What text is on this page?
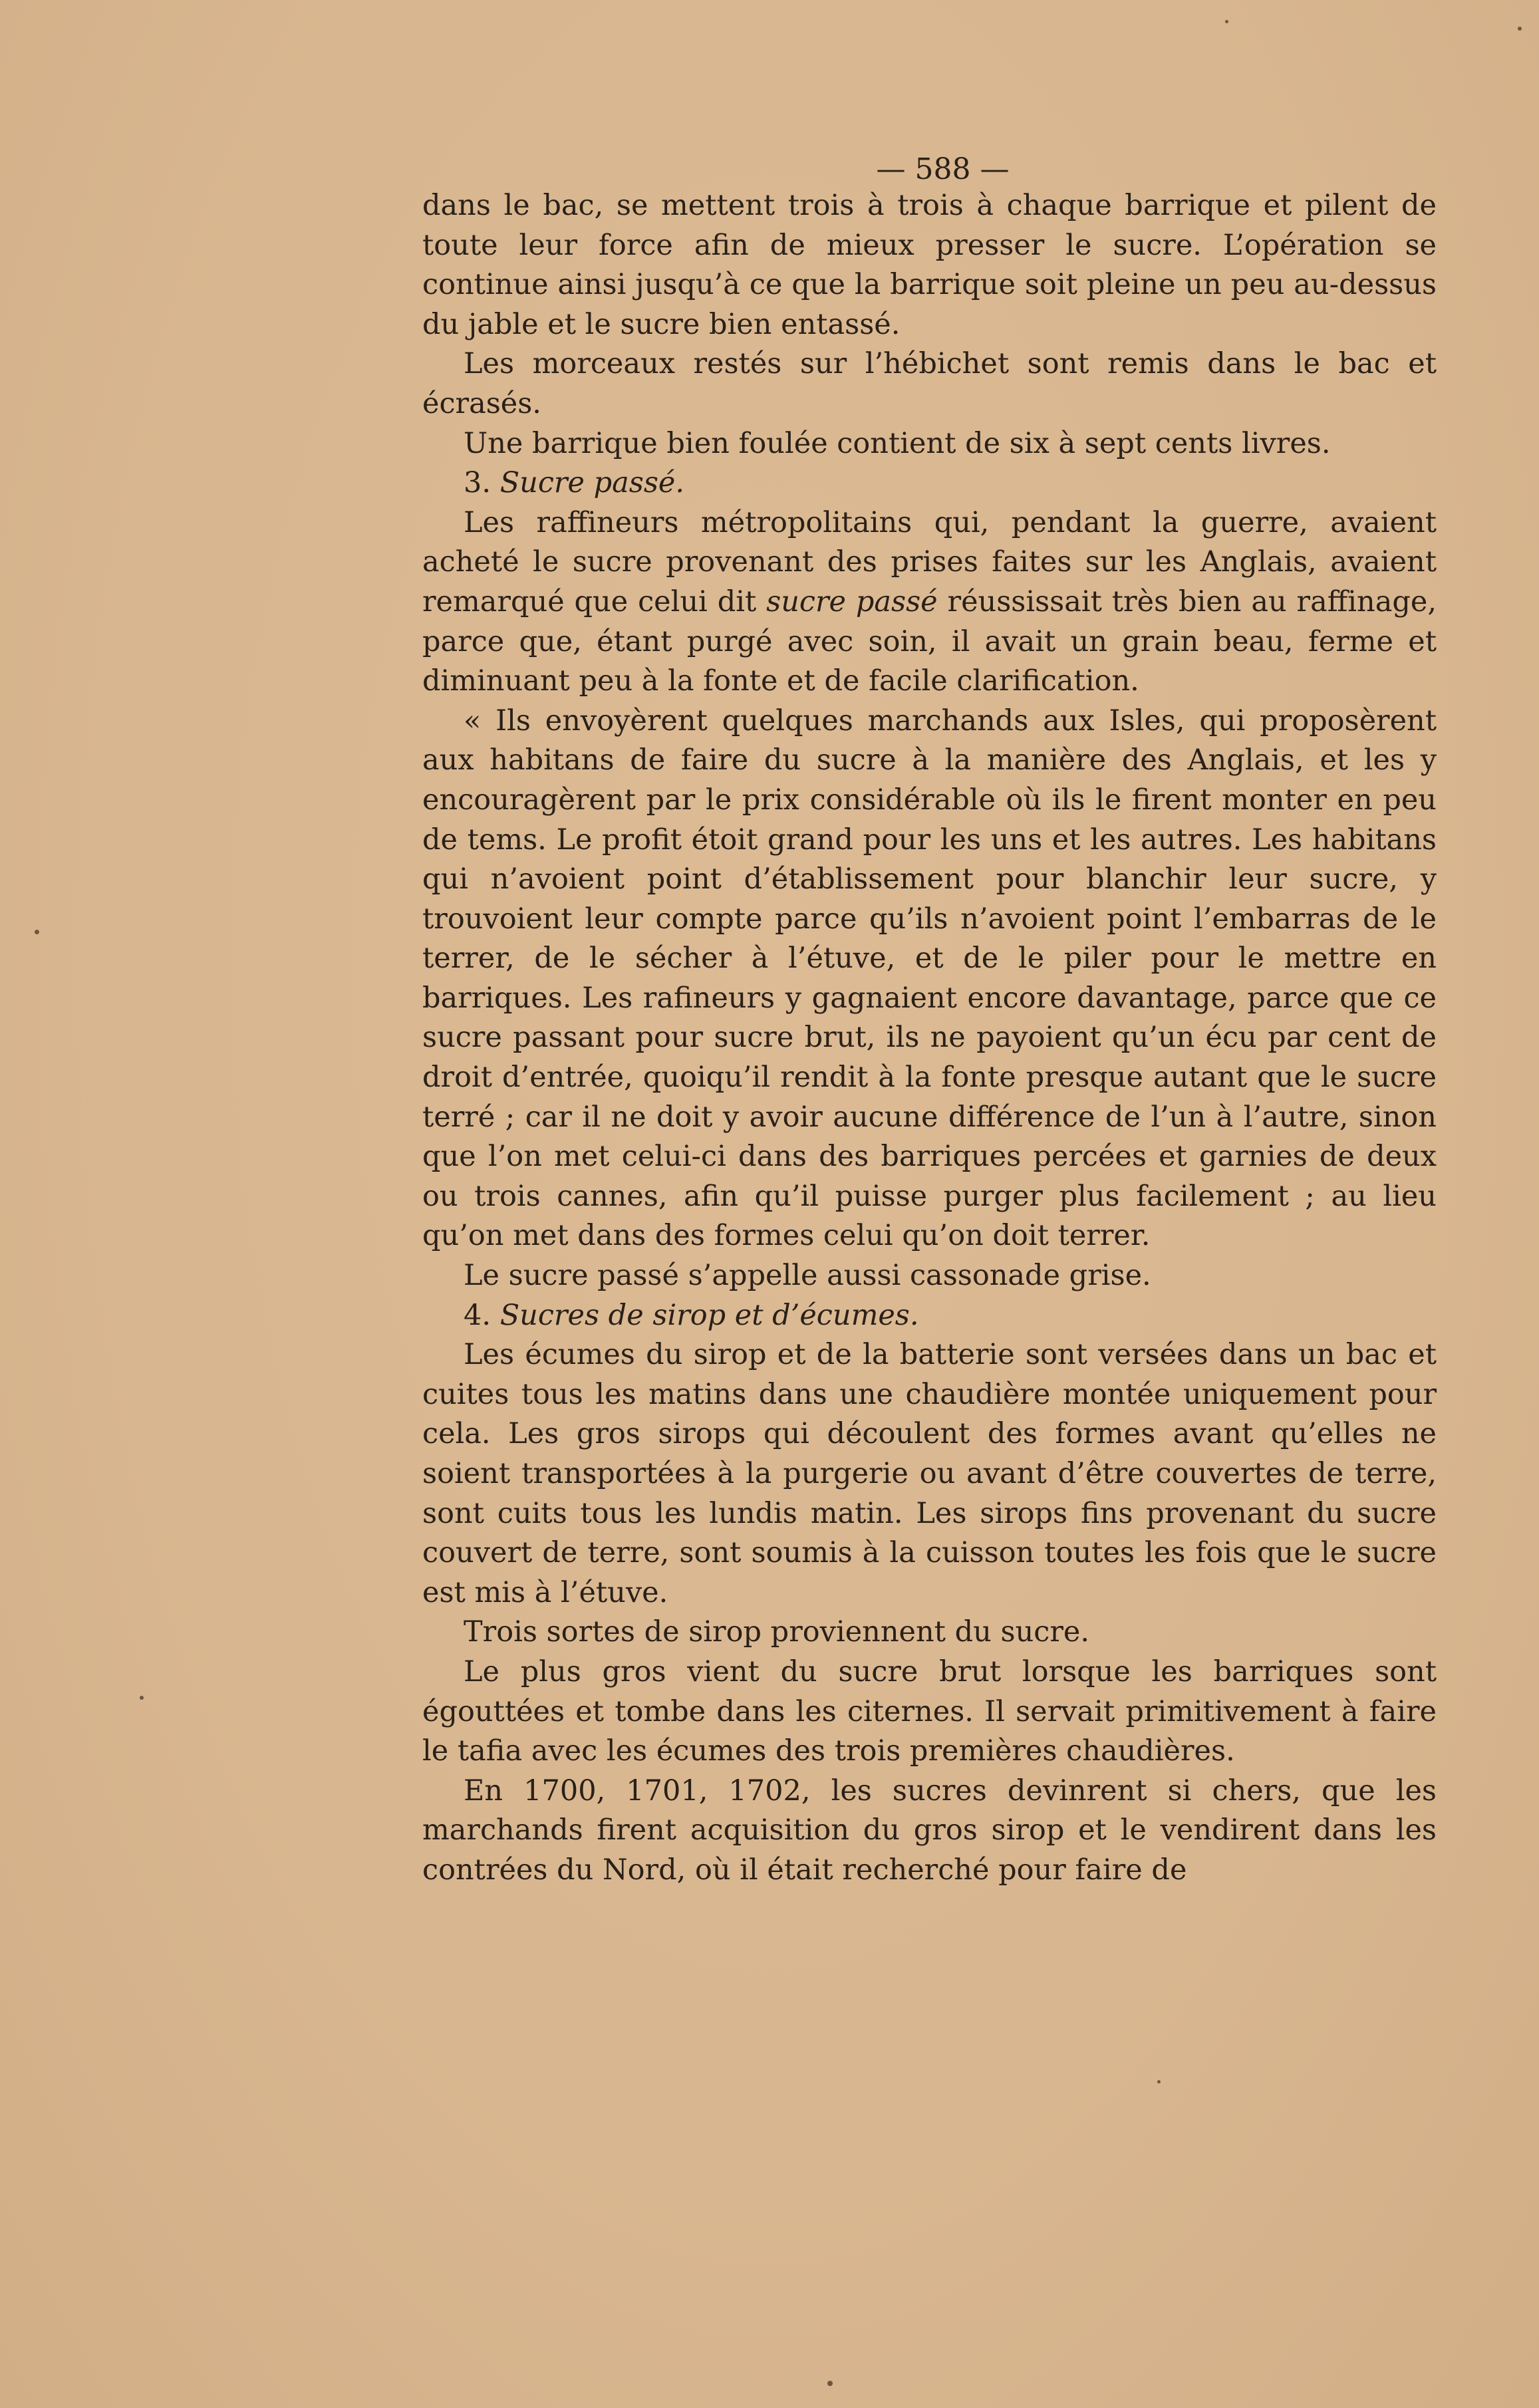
— 588 —

dans le bac, se mettent trois à trois à chaque barrique et pilent de toute leur force afin de mieux presser le sucre. L’opération se continue ainsi jusqu’à ce que la barrique soit pleine un peu au-dessus du jable et le sucre bien entassé.

Les morceaux restés sur l’hébichet sont remis dans le bac et écrasés.

Une barrique bien foulée contient de six à sept cents livres.

3. Sucre passé.

Les raffineurs métropolitains qui, pendant la guerre, avaient acheté le sucre provenant des prises faites sur les Anglais, avaient remarqué que celui dit sucre passé réussissait très bien au raffinage, parce que, étant purgé avec soin, il avait un grain beau, ferme et diminuant peu à la fonte et de facile clarification.

« Ils envoyèrent quelques marchands aux Isles, qui proposèrent aux habitans de faire du sucre à la manière des Anglais, et les y encouragèrent par le prix considérable où ils le firent monter en peu de tems. Le profit étoit grand pour les uns et les autres. Les habitans qui n’avoient point d’établissement pour blanchir leur sucre, y trouvoient leur compte parce qu’ils n’avoient point l’embarras de le terrer, de le sécher à l’étuve, et de le piler pour le mettre en barriques. Les rafineurs y gagnaient encore davantage, parce que ce sucre passant pour sucre brut, ils ne payoient qu’un écu par cent de droit d’entrée, quoiqu’il rendit à la fonte presque autant que le sucre terré ; car il ne doit y avoir aucune différence de l’un à l’autre, sinon que l’on met celui-ci dans des barriques percées et garnies de deux ou trois cannes, afin qu’il puisse purger plus facilement ; au lieu qu’on met dans des formes celui qu’on doit terrer.

Le sucre passé s’appelle aussi cassonade grise.

4. Sucres de sirop et d’écumes.

Les écumes du sirop et de la batterie sont versées dans un bac et cuites tous les matins dans une chaudière montée uniquement pour cela. Les gros sirops qui découlent des formes avant qu’elles ne soient transportées à la purgerie ou avant d’être couvertes de terre, sont cuits tous les lundis matin. Les sirops fins provenant du sucre couvert de terre, sont soumis à la cuisson toutes les fois que le sucre est mis à l’étuve.

Trois sortes de sirop proviennent du sucre.

Le plus gros vient du sucre brut lorsque les barriques sont égouttées et tombe dans les citernes. Il servait primitivement à faire le tafia avec les écumes des trois premières chaudières.

En 1700, 1701, 1702, les sucres devinrent si chers, que les marchands firent acquisition du gros sirop et le vendirent dans les contrées du Nord, où il était recherché pour faire de
